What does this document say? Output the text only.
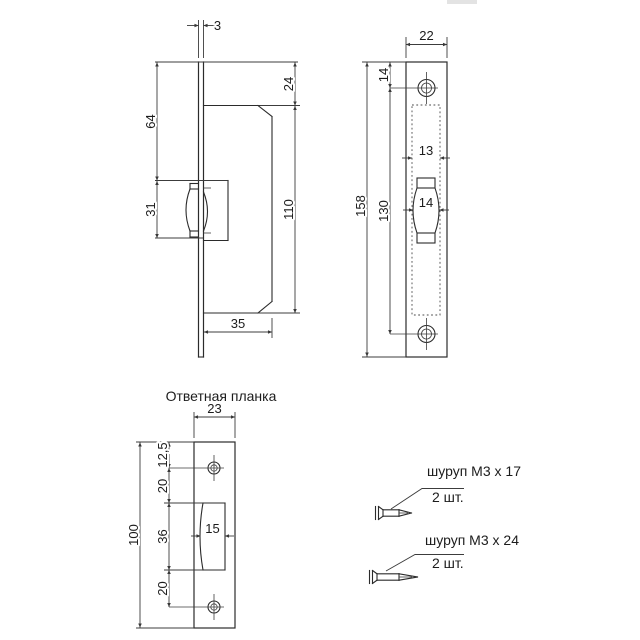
3
64
31
24
110
35
22
14
158 130
13
14
Ответная планка
23
100
12,5
20
36
20
15
шуруп М3 х 17
2 шт.
шуруп М3 х 24
2 шт.
